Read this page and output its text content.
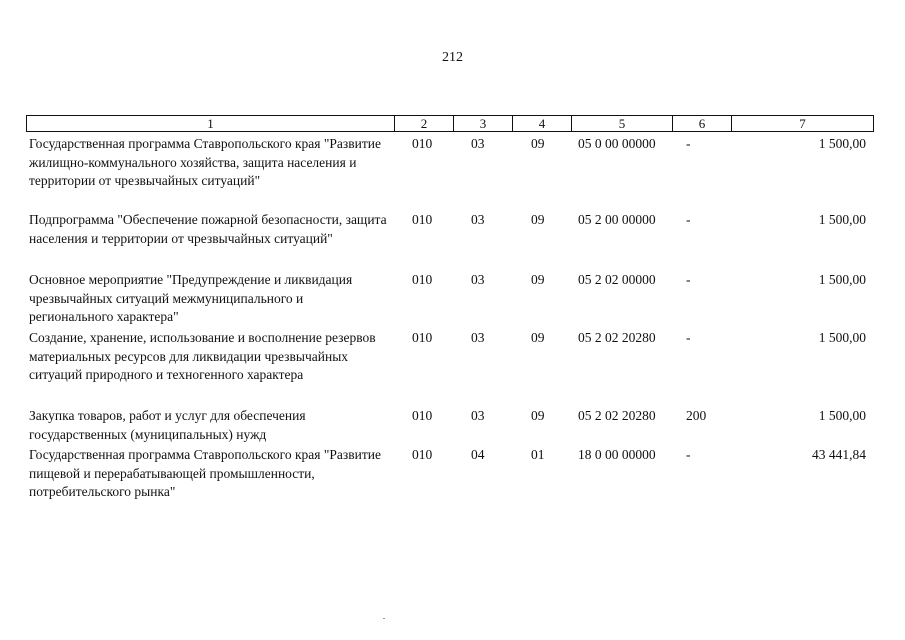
212
1	2	3	4	5	6	7
Государственная программа Ставропольского края "Развитие жилищно-коммунального хозяйства, защита населения и территории от чрезвычайных ситуаций"
010	03	09	05 0 00 00000	-	1 500,00
Подпрограмма "Обеспечение пожарной безопасности, защита населения и территории от чрезвычайных ситуаций"
010	03	09	05 2 00 00000	-	1 500,00
Основное мероприятие "Предупреждение и ликвидация чрезвычайных ситуаций межмуниципального и регионального характера"
010	03	09	05 2 02 00000	-	1 500,00
Создание, хранение, использование и восполнение резервов материальных ресурсов для ликвидации чрезвычайных ситуаций природного и техногенного характера
010	03	09	05 2 02 20280	-	1 500,00
Закупка товаров, работ и услуг для обеспечения государственных (муниципальных) нужд
010	03	09	05 2 02 20280	200	1 500,00
Государственная программа Ставропольского края "Развитие пищевой и перерабатывающей промышленности, потребительского рынка"
010	04	01	18 0 00 00000	-	43 441,84
